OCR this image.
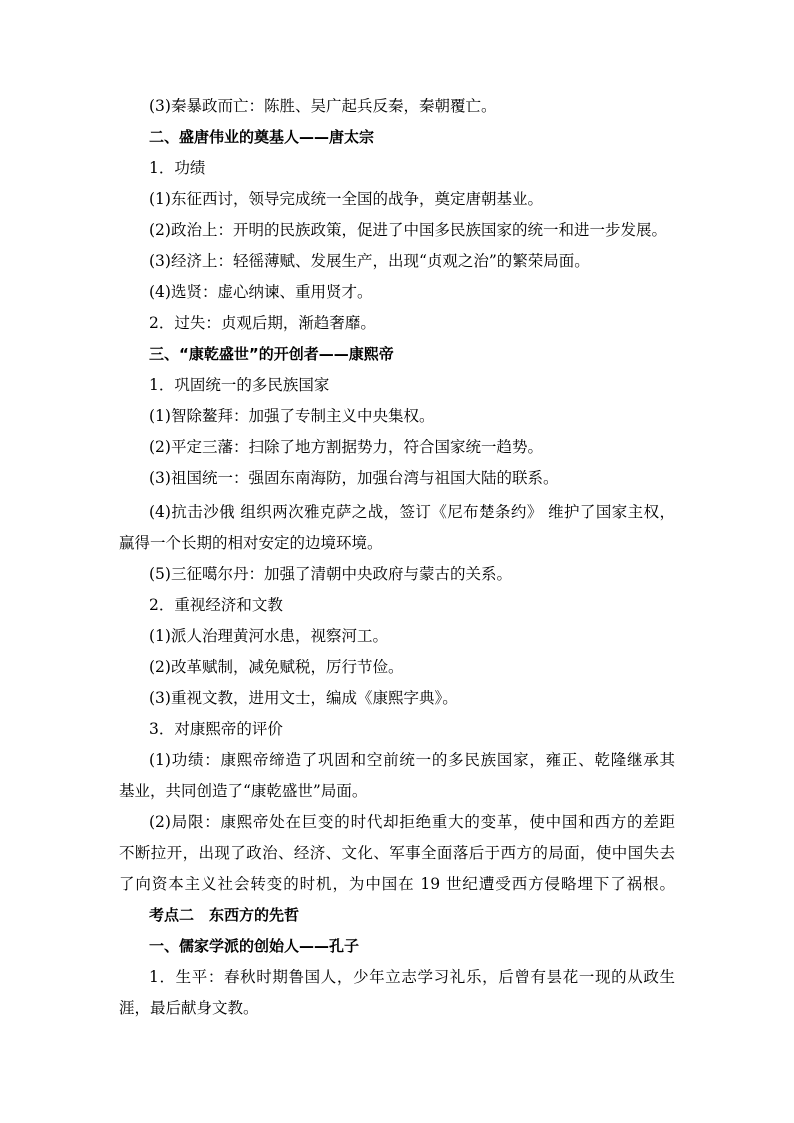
(3)秦暴政而亡：陈胜、吴广起兵反秦，秦朝覆亡。
二、盛唐伟业的奠基人——唐太宗
1．功绩
(1)东征西讨，领导完成统一全国的战争，奠定唐朝基业。
(2)政治上：开明的民族政策，促进了中国多民族国家的统一和进一步发展。
(3)经济上：轻徭薄赋、发展生产，出现“贞观之治”的繁荣局面。
(4)选贤：虚心纳谏、重用贤才。
2．过失：贞观后期，渐趋奢靡。
三、“康乾盛世”的开创者——康熙帝
1．巩固统一的多民族国家
(1)智除鳌拜：加强了专制主义中央集权。
(2)平定三藩：扫除了地方割据势力，符合国家统一趋势。
(3)祖国统一：强固东南海防，加强台湾与祖国大陆的联系。
(4)抗击沙俄 组织两次雅克萨之战，签订《尼布楚条约》 维护了国家主权，
赢得一个长期的相对安定的边境环境。
(5)三征噶尔丹：加强了清朝中央政府与蒙古的关系。
2．重视经济和文教
(1)派人治理黄河水患，视察河工。
(2)改革赋制，减免赋税，厉行节俭。
(3)重视文教，进用文士，编成《康熙字典》。
3．对康熙帝的评价
(1)功绩：康熙帝缔造了巩固和空前统一的多民族国家，雍正、乾隆继承其
基业，共同创造了“康乾盛世”局面。
(2)局限：康熙帝处在巨变的时代却拒绝重大的变革，使中国和西方的差距
不断拉开，出现了政治、经济、文化、军事全面落后于西方的局面，使中国失去
了向资本主义社会转变的时机，为中国在 19 世纪遭受西方侵略埋下了祸根。
考点二　东西方的先哲
一、儒家学派的创始人——孔子
1．生平：春秋时期鲁国人，少年立志学习礼乐，后曾有昙花一现的从政生
涯，最后献身文教。
